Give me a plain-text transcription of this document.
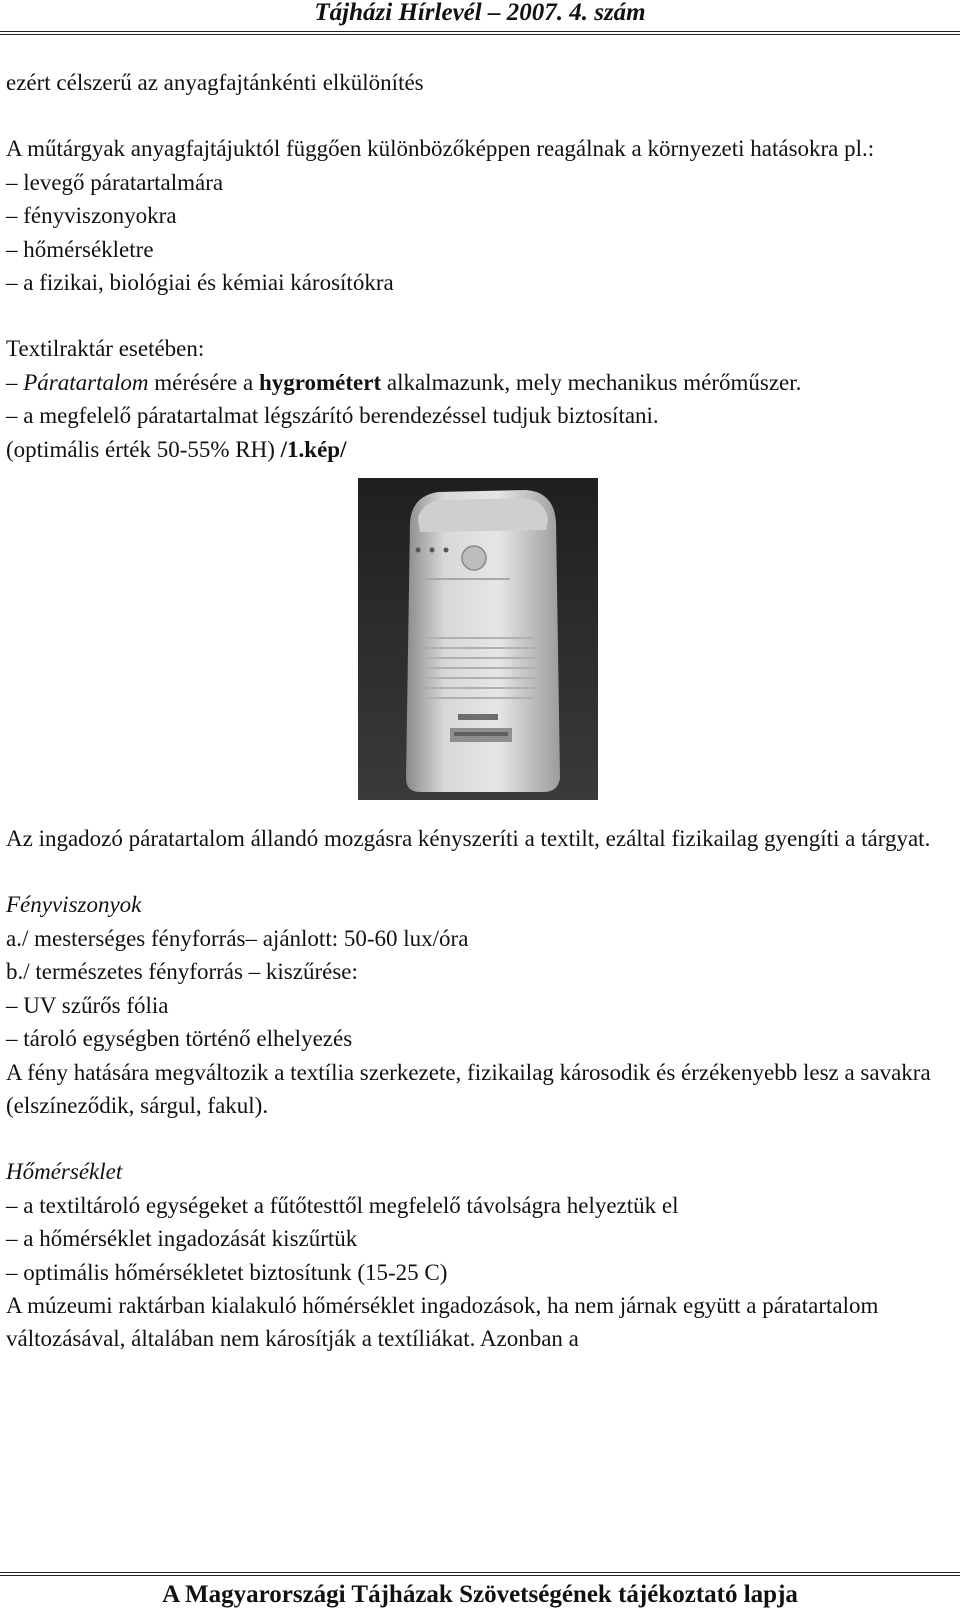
Tájházi Hírlevél – 2007. 4. szám

ezért célszerű az anyagfajtánkénti elkülönítés

A műtárgyak anyagfajtájuktól függően különbözőképpen reagálnak a környezeti hatásokra pl.:

– levegő páratartalmára

– fényviszonyokra

– hőmérsékletre

– a fizikai, biológiai és kémiai károsítókra

Textilraktár esetében:

– Páratartalom mérésére a hygrométert alkalmazunk, mely mechanikus mérőműszer.

– a megfelelő páratartalmat légszárító berendezéssel tudjuk biztosítani.

(optimális érték 50-55% RH) /1.kép/

Az ingadozó páratartalom állandó mozgásra kényszeríti a textilt, ezáltal fizikailag gyengíti a tárgyat.

Fényviszonyok

a./ mesterséges fényforrás– ajánlott: 50-60 lux/óra

b./ természetes fényforrás – kiszűrése:

– UV szűrős fólia

– tároló egységben történő elhelyezés

A fény hatására megváltozik a textília szerkezete, fizikailag károsodik és érzékenyebb lesz a savakra (elszíneződik, sárgul, fakul).

Hőmérséklet

– a textiltároló egységeket a fűtőtesttől megfelelő távolságra helyeztük el

– a hőmérséklet ingadozását kiszűrtük

– optimális hőmérsékletet biztosítunk (15-25 C)

A múzeumi raktárban kialakuló hőmérséklet ingadozások, ha nem járnak együtt a páratartalom változásával, általában nem károsítják a textíliákat. Azonban a

A Magyarországi Tájházak Szövetségének tájékoztató lapja
